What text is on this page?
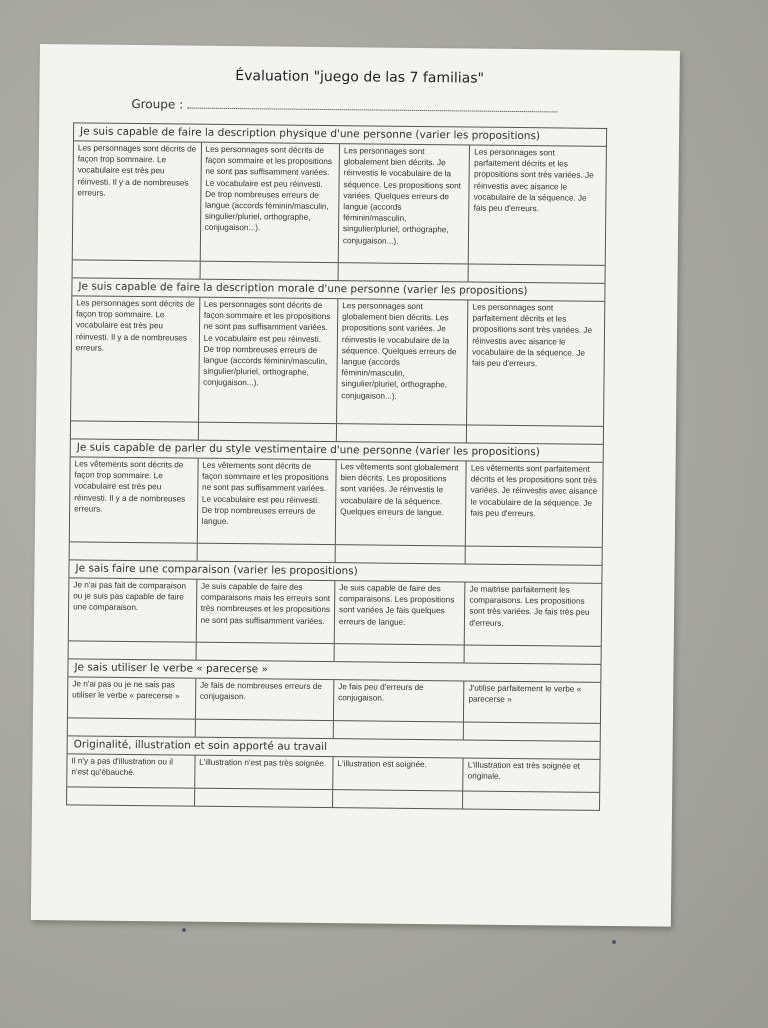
Évaluation "juego de las 7 familias"
Groupe :
Je suis capable de faire la description physique d'une personne (varier les propositions)
Les personnages sont décrits de façon trop sommaire. Le vocabulaire est très peu réinvesti. Il y a de nombreuses erreurs.
Les personnages sont décrits de façon sommaire et les propositions ne sont pas suffisamment variées. Le vocabulaire est peu réinvesti. De trop nombreuses erreurs de langue (accords féminin/masculin, singulier/pluriel, orthographe, conjugaison...).
Les personnages sont globalement bien décrits. Je réinvestis le vocabulaire de la séquence. Les propositions sont variées. Quelques erreurs de langue (accords féminin/masculin, singulier/pluriel, orthographe, conjugaison...).
Les personnages sont parfaitement décrits et les propositions sont très variées. Je réinvestis avec aisance le vocabulaire de la séquence. Je fais peu d'erreurs.
Je suis capable de faire la description morale d'une personne (varier les propositions)
Les personnages sont décrits de façon trop sommaire. Le vocabulaire est très peu réinvesti. Il y a de nombreuses erreurs.
Les personnages sont décrits de façon sommaire et les propositions ne sont pas suffisamment variées. Le vocabulaire est peu réinvesti. De trop nombreuses erreurs de langue (accords féminin/masculin, singulier/pluriel, orthographe, conjugaison...).
Les personnages sont globalement bien décrits. Les propositions sont variées. Je réinvestis le vocabulaire de la séquence. Quelques erreurs de langue (accords féminin/masculin, singulier/pluriel, orthographe, conjugaison...).
Les personnages sont parfaitement décrits et les propositions sont très variées. Je réinvestis avec aisance le vocabulaire de la séquence. Je fais peu d'erreurs.
Je suis capable de parler du style vestimentaire d'une personne (varier les propositions)
Les vêtements sont décrits de façon trop sommaire. Le vocabulaire est très peu réinvesti. Il y a de nombreuses erreurs.
Les vêtements sont décrits de façon sommaire et les propositions ne sont pas suffisamment variées. Le vocabulaire est peu réinvesti. De trop nombreuses erreurs de langue.
Les vêtements sont globalement bien décrits. Les propositions sont variées. Je réinvestis le vocabulaire de la séquence. Quelques erreurs de langue.
Les vêtements sont parfaitement décrits et les propositions sont très variées. Je réinvestis avec aisance le vocabulaire de la séquence. Je fais peu d'erreurs.
Je sais faire une comparaison (varier les propositions)
Je n'ai pas fait de comparaison ou je suis pas capable de faire une comparaison.
Je suis capable de faire des comparaisons mais les erreurs sont très nombreuses et les propositions ne sont pas suffisamment variées.
Je suis capable de faire des comparaisons. Les propositions sont variées Je fais quelques erreurs de langue.
Je maitrise parfaitement les comparaisons. Les propositions sont très variées. Je fais très peu d'erreurs.
Je sais utiliser le verbe « parecerse »
Je n'ai pas ou je ne sais pas utiliser le verbe « parecerse »
Je fais de nombreuses erreurs de conjugaison.
Je fais peu d'erreurs de conjugaison.
J'utilise parfaitement le verbe « parecerse »
Originalité, illustration et soin apporté au travail
Il n'y a pas d'illustration ou il n'est qu'ébauché.
L'illustration n'est pas très soignée.	L'illustration est soignée.	L'illustration est très soignée et originale.
